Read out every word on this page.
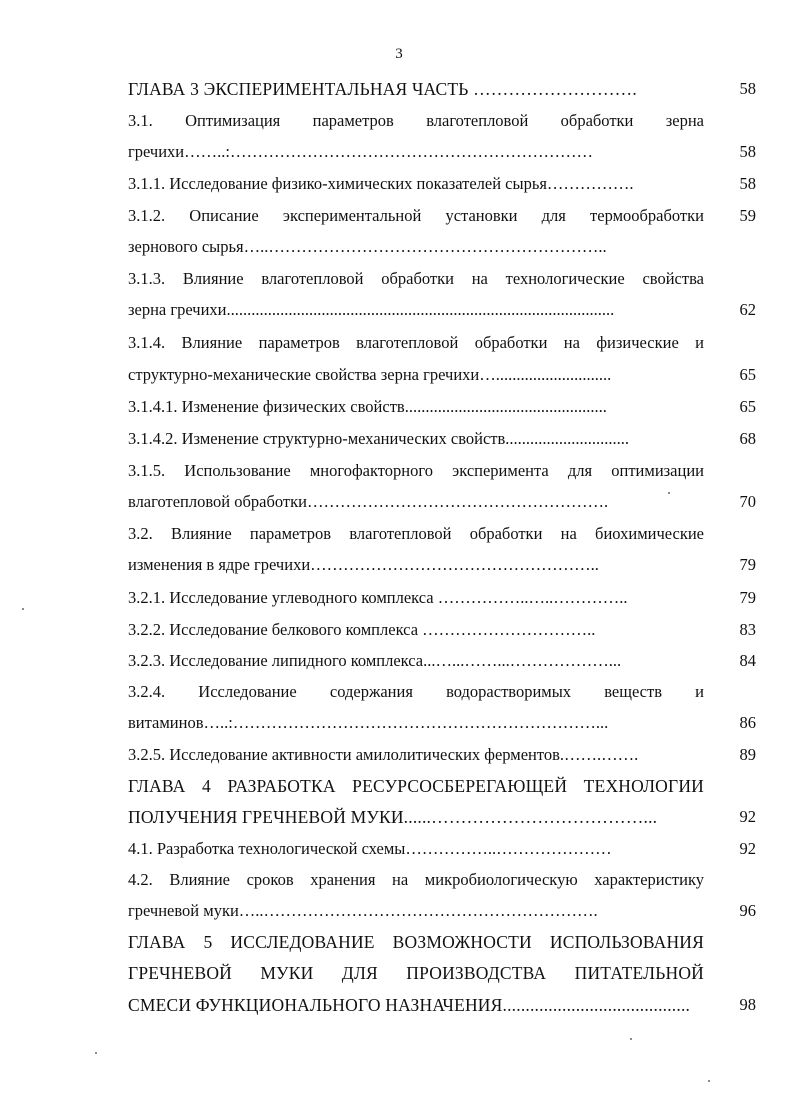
3
ГЛАВА 3 ЭКСПЕРИМЕНТАЛЬНАЯ ЧАСТЬ ……………………….	58
3.1. Оптимизация параметров влаготепловой обработки зерна
гречихи……..:…………………………………………………………	58
3.1.1. Исследование физико-химических показателей сырья…………….	58
3.1.2. Описание экспериментальной установки для термообработки	59
зернового сырья…..……………………………………………………..
3.1.3. Влияние влаготепловой обработки на технологические свойства
зерна гречихи..............................................................................................	62
3.1.4. Влияние параметров влаготепловой обработки на физические и
структурно-механические свойства зерна гречихи…............................	65
3.1.4.1. Изменение физических свойств.................................................	65
3.1.4.2. Изменение структурно-механических свойств..............................	68
3.1.5. Использование многофакторного эксперимента для оптимизации
влаготепловой обработки……………………………………………….	70
3.2. Влияние параметров влаготепловой обработки на биохимические
изменения в ядре гречихи……………………………………………..	79
3.2.1. Исследование углеводного комплекса ……………..…..…………..	79
3.2.2. Исследование белкового комплекса …………………………..	83
3.2.3. Исследование липидного комплекса...…...……...………………...	84
3.2.4. Исследование содержания водорастворимых веществ и
витаминов…..:…………………………………………………………...	86
3.2.5. Исследование активности амилолитических ферментов.…….…….	89
ГЛАВА 4 РАЗРАБОТКА РЕСУРСОСБЕРЕГАЮЩЕЙ ТЕХНОЛОГИИ
ПОЛУЧЕНИЯ ГРЕЧНЕВОЙ МУКИ......………………………………...	92
4.1. Разработка технологической схемы……………..…………………	92
4.2. Влияние сроков хранения на микробиологическую характеристику
гречневой муки…..…………………………………………………….	96
ГЛАВА 5 ИССЛЕДОВАНИЕ ВОЗМОЖНОСТИ ИСПОЛЬЗОВАНИЯ
ГРЕЧНЕВОЙ МУКИ ДЛЯ ПРОИЗВОДСТВА ПИТАТЕЛЬНОЙ
СМЕСИ ФУНКЦИОНАЛЬНОГО НАЗНАЧЕНИЯ.........................................	98
